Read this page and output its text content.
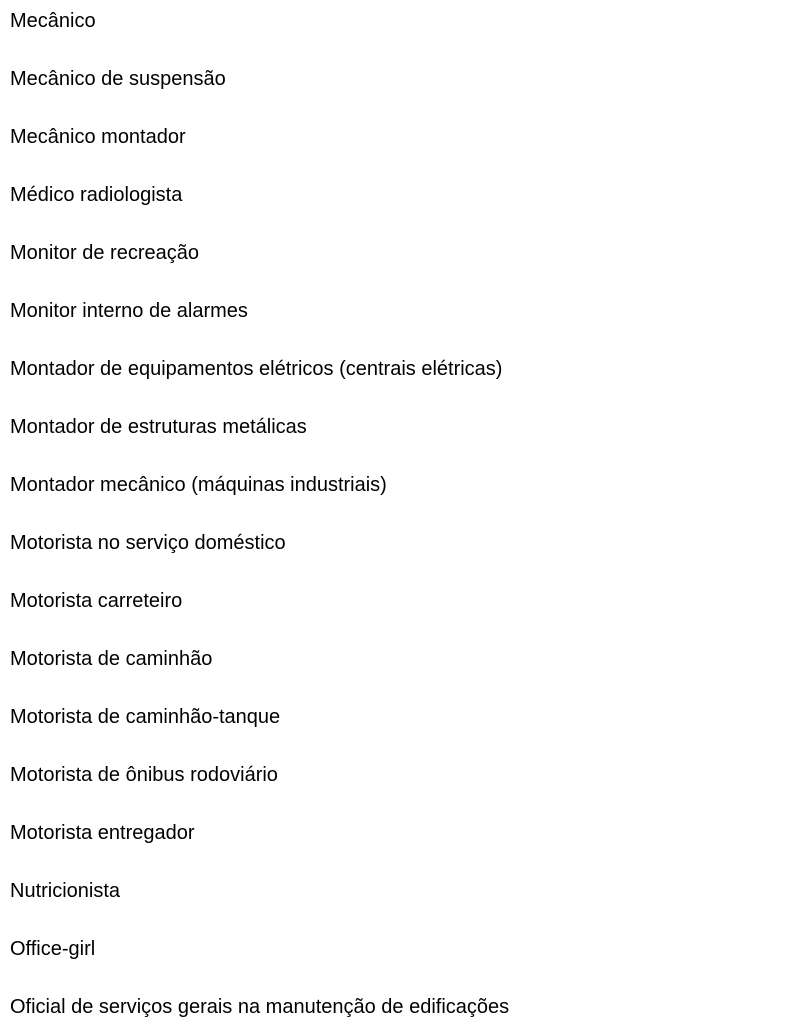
Mecânico
Mecânico de suspensão
Mecânico montador
Médico radiologista
Monitor de recreação
Monitor interno de alarmes
Montador de equipamentos elétricos (centrais elétricas)
Montador de estruturas metálicas
Montador mecânico (máquinas industriais)
Motorista no serviço doméstico
Motorista carreteiro
Motorista de caminhão
Motorista de caminhão-tanque
Motorista de ônibus rodoviário
Motorista entregador
Nutricionista
Office-girl
Oficial de serviços gerais na manutenção de edificações
